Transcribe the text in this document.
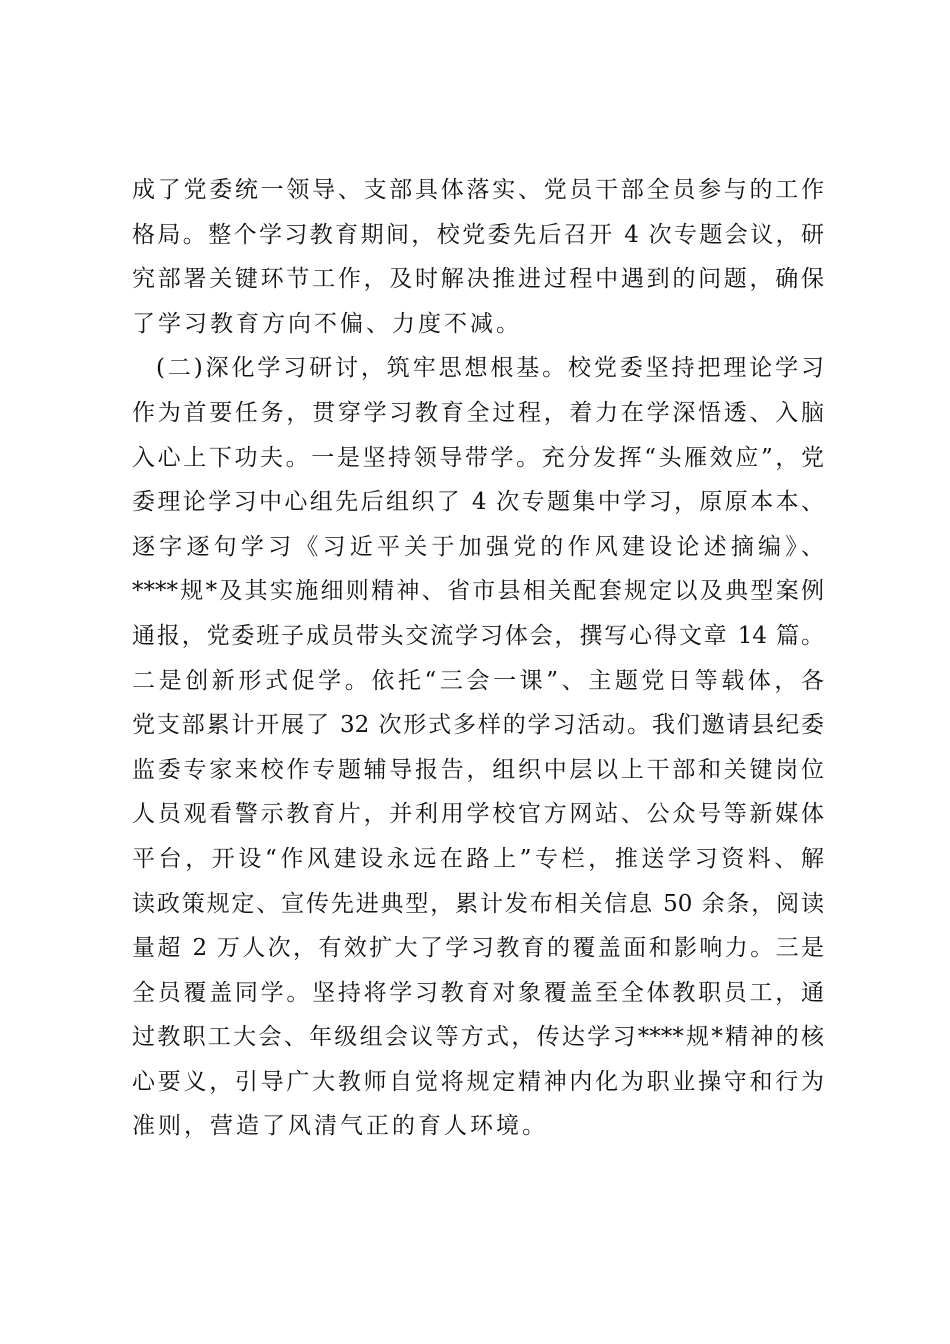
成了党委统一领导、支部具体落实、党员干部全员参与的工作
格局。整个学习教育期间，校党委先后召开 4 次专题会议，研
究部署关键环节工作，及时解决推进过程中遇到的问题，确保
了学习教育方向不偏、力度不减。
(二)深化学习研讨，筑牢思想根基。校党委坚持把理论学习
作为首要任务，贯穿学习教育全过程，着力在学深悟透、入脑
入心上下功夫。一是坚持领导带学。充分发挥“头雁效应”，党
委理论学习中心组先后组织了 4 次专题集中学习，原原本本、
逐字逐句学习《习近平关于加强党的作风建设论述摘编》、
****规*及其实施细则精神、省市县相关配套规定以及典型案例
通报，党委班子成员带头交流学习体会，撰写心得文章 14 篇。
二是创新形式促学。依托“三会一课”、主题党日等载体，各
党支部累计开展了 32 次形式多样的学习活动。我们邀请县纪委
监委专家来校作专题辅导报告，组织中层以上干部和关键岗位
人员观看警示教育片，并利用学校官方网站、公众号等新媒体
平台，开设“作风建设永远在路上”专栏，推送学习资料、解
读政策规定、宣传先进典型，累计发布相关信息 50 余条，阅读
量超 2 万人次，有效扩大了学习教育的覆盖面和影响力。三是
全员覆盖同学。坚持将学习教育对象覆盖至全体教职员工，通
过教职工大会、年级组会议等方式，传达学习****规*精神的核
心要义，引导广大教师自觉将规定精神内化为职业操守和行为
准则，营造了风清气正的育人环境。
